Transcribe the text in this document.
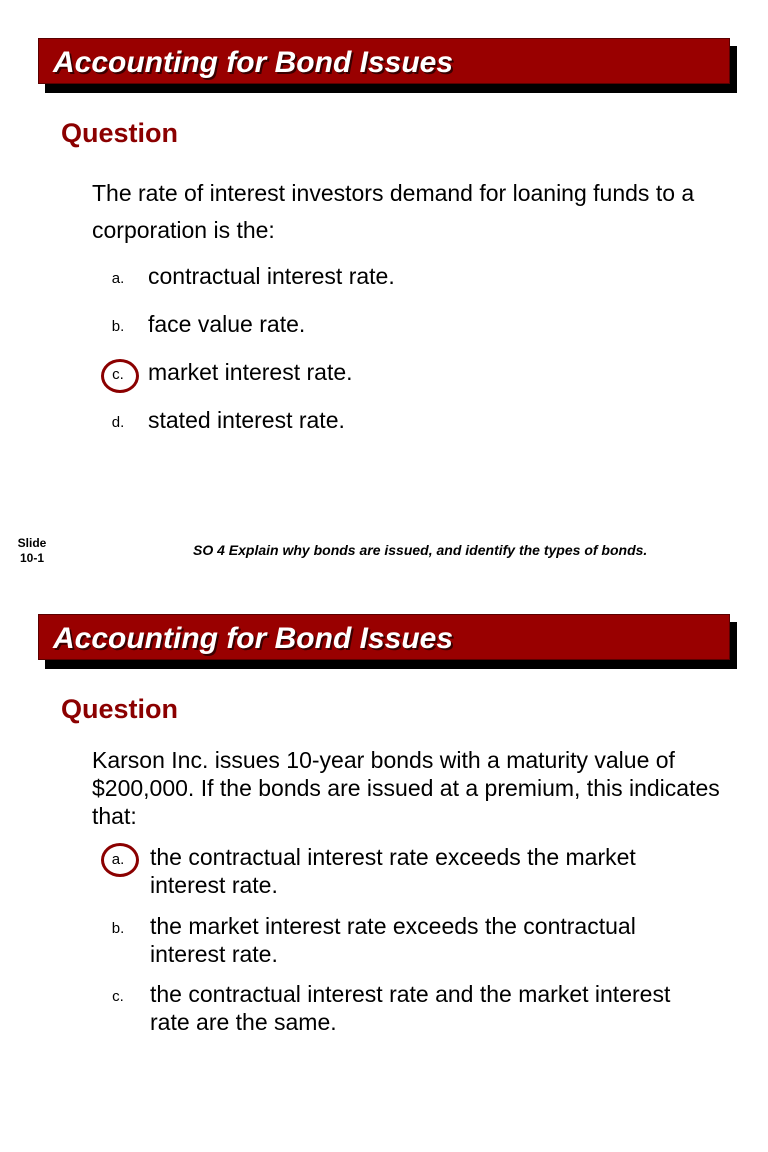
Accounting for Bond Issues
Question
The rate of interest investors demand for loaning funds to a corporation is the:
a.	contractual interest rate.
b.	face value rate.
c.	market interest rate.
d.	stated interest rate.
Slide
10-1	SO 4 Explain why bonds are issued, and identify the types of bonds.
Accounting for Bond Issues
Question
Karson Inc. issues 10-year bonds with a maturity value of $200,000. If the bonds are issued at a premium, this indicates that:
a.	the contractual interest rate exceeds the market interest rate.
b.	the market interest rate exceeds the contractual interest rate.
c.	the contractual interest rate and the market interest rate are the same.
